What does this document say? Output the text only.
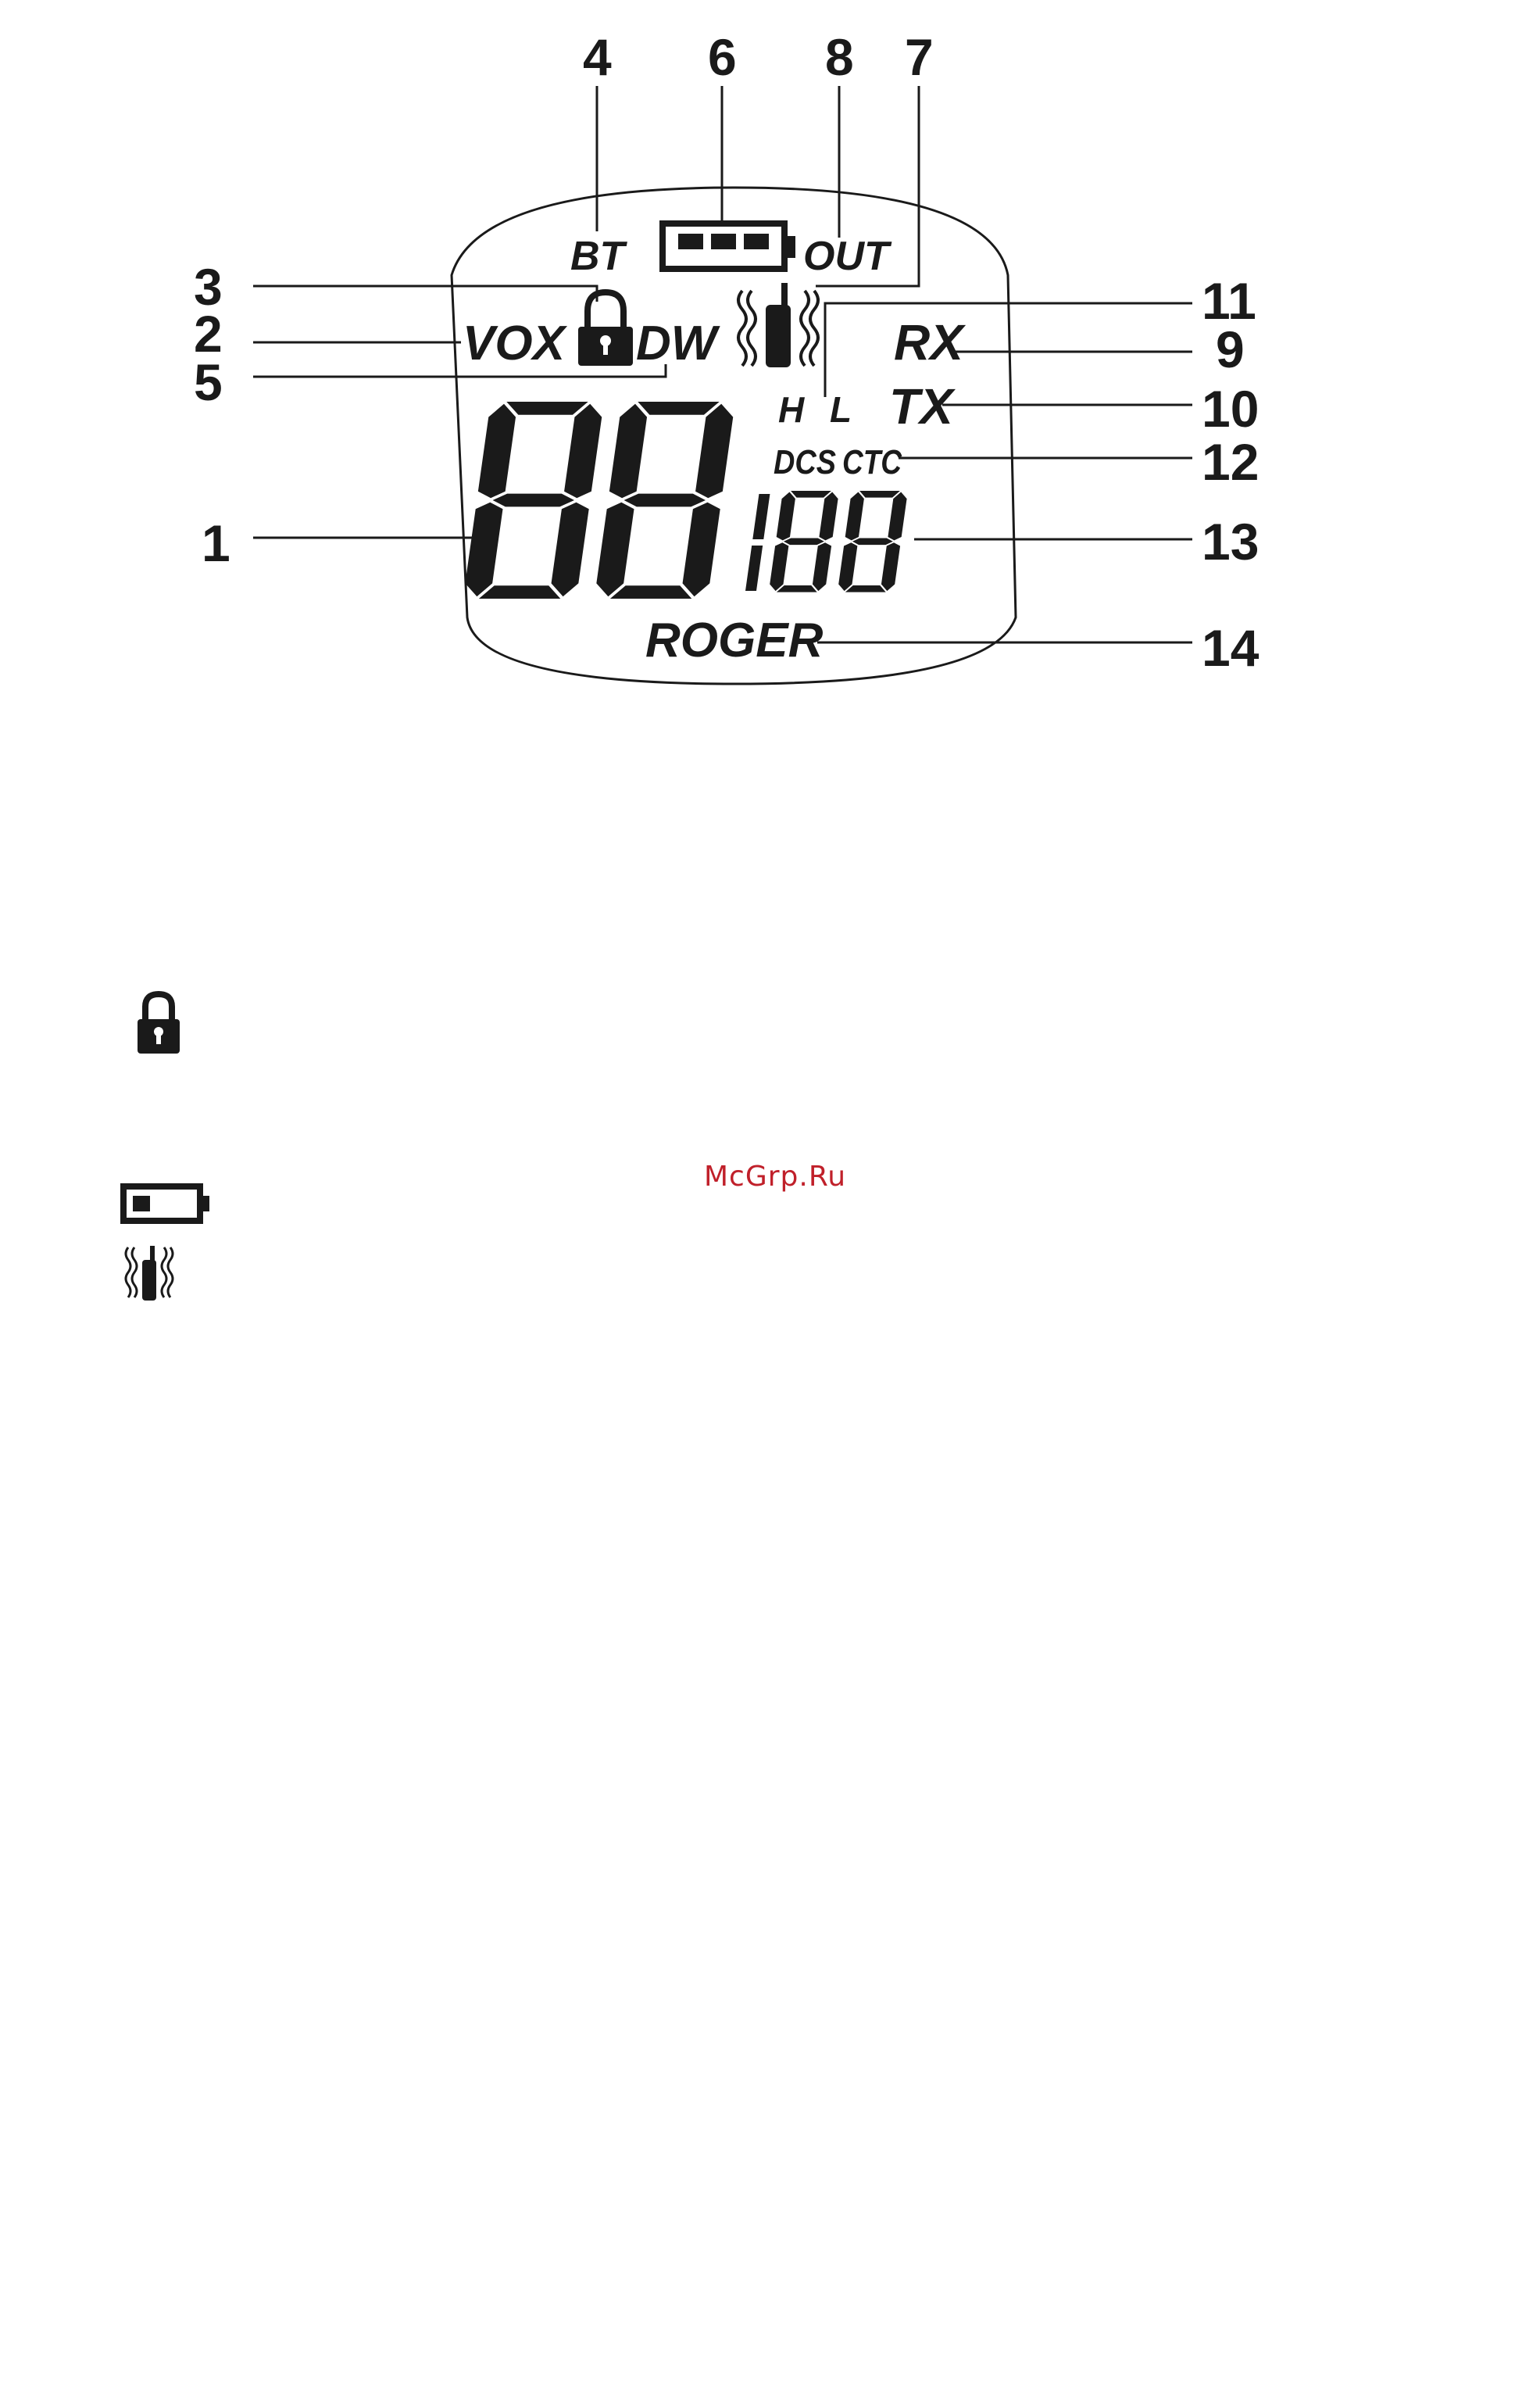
BT	OUT
VOX DW	RX
H L TX
DCS CTC
ROGER
4 6 8 7
3
2
5
1
11
9
10
12
13
14
McGrp.Ru
